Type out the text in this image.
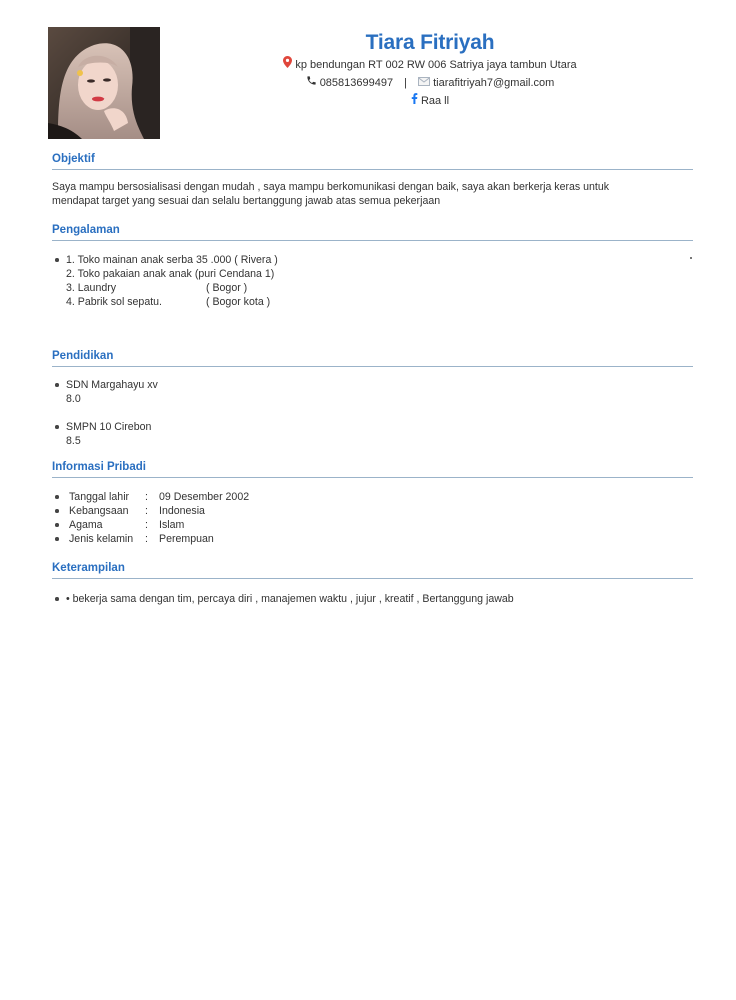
Tiara Fitriyah
kp bendungan RT 002 RW 006 Satriya jaya tambun Utara
085813699497 | tiarafitriyah7@gmail.com
Raa ll
Objektif
Saya mampu bersosialisasi dengan mudah , saya mampu berkomunikasi dengan baik, saya akan berkerja keras untuk mendapat target yang sesuai dan selalu bertanggung jawab atas semua pekerjaan
Pengalaman
1. Toko mainan anak serba 35 .000 ( Rivera )
2. Toko pakaian anak anak (puri Cendana 1)
3. Laundry	( Bogor )
4. Pabrik sol sepatu.	( Bogor kota )
Pendidikan
SDN Margahayu xv
8.0
SMPN 10 Cirebon
8.5
Informasi Pribadi
Tanggal lahir : 09 Desember 2002
Kebangsaan : Indonesia
Agama	: Islam
Jenis kelamin : Perempuan
Keterampilan
• bekerja sama dengan tim, percaya diri , manajemen waktu , jujur , kreatif , Bertanggung jawab
